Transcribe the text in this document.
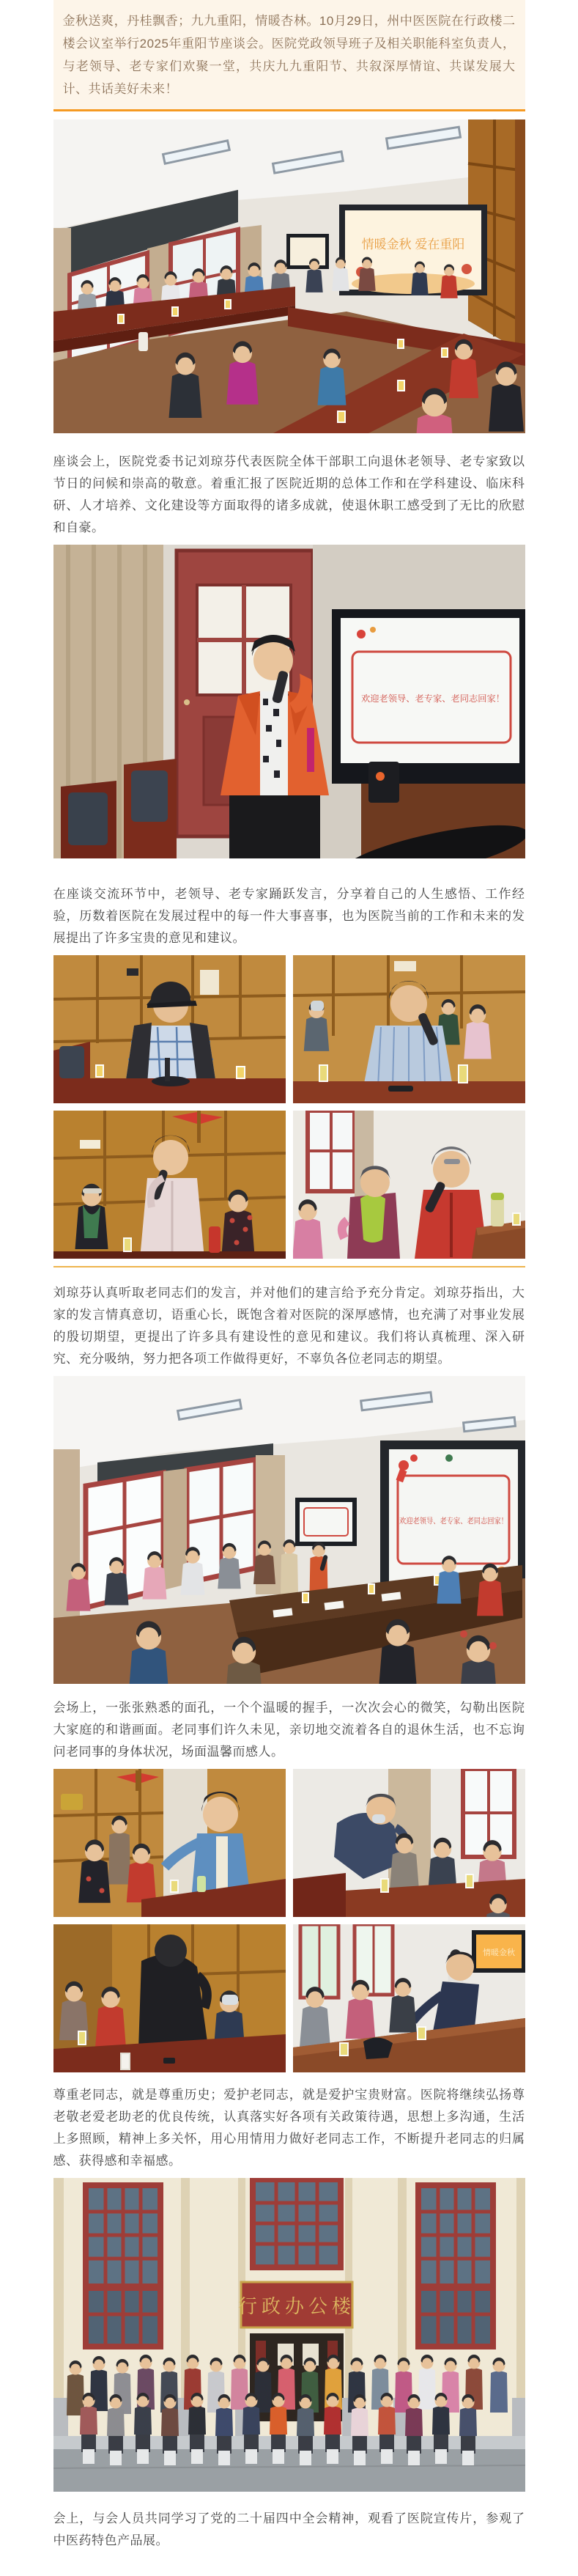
金秋送爽，丹桂飘香；九九重阳，情暖杏林。10月29日，州中医医院在行政楼二楼会议室举行2025年重阳节座谈会。医院党政领导班子及相关职能科室负责人，与老领导、老专家们欢聚一堂，共庆九九重阳节、共叙深厚情谊、共谋发展大计、共话美好未来！

情暖金秋 爱在重阳

座谈会上，医院党委书记刘琼芬代表医院全体干部职工向退休老领导、老专家致以节日的问候和崇高的敬意。着重汇报了医院近期的总体工作和在学科建设、临床科研、人才培养、文化建设等方面取得的诸多成就，使退休职工感受到了无比的欣慰和自豪。

欢迎老领导、老专家、老同志回家！

在座谈交流环节中，老领导、老专家踊跃发言，分享着自己的人生感悟、工作经验，历数着医院在发展过程中的每一件大事喜事，也为医院当前的工作和未来的发展提出了许多宝贵的意见和建议。

刘琼芬认真听取老同志们的发言，并对他们的建言给予充分肯定。刘琼芬指出，大家的发言情真意切，语重心长，既饱含着对医院的深厚感情，也充满了对事业发展的殷切期望，更提出了许多具有建设性的意见和建议。我们将认真梳理、深入研究、充分吸纳，努力把各项工作做得更好，不辜负各位老同志的期望。

欢迎老领导、老专家、老同志回家！

会场上，一张张熟悉的面孔，一个个温暖的握手，一次次会心的微笑，勾勒出医院大家庭的和谐画面。老同事们许久未见，亲切地交流着各自的退休生活，也不忘询问老同事的身体状况，场面温馨而感人。

情暖金秋

尊重老同志，就是尊重历史；爱护老同志，就是爱护宝贵财富。医院将继续弘扬尊老敬老爱老助老的优良传统，认真落实好各项有关政策待遇，思想上多沟通，生活上多照顾，精神上多关怀，用心用情用力做好老同志工作，不断提升老同志的归属感、获得感和幸福感。

行政办公楼

会上，与会人员共同学习了党的二十届四中全会精神，观看了医院宣传片，参观了中医药特色产品展。
